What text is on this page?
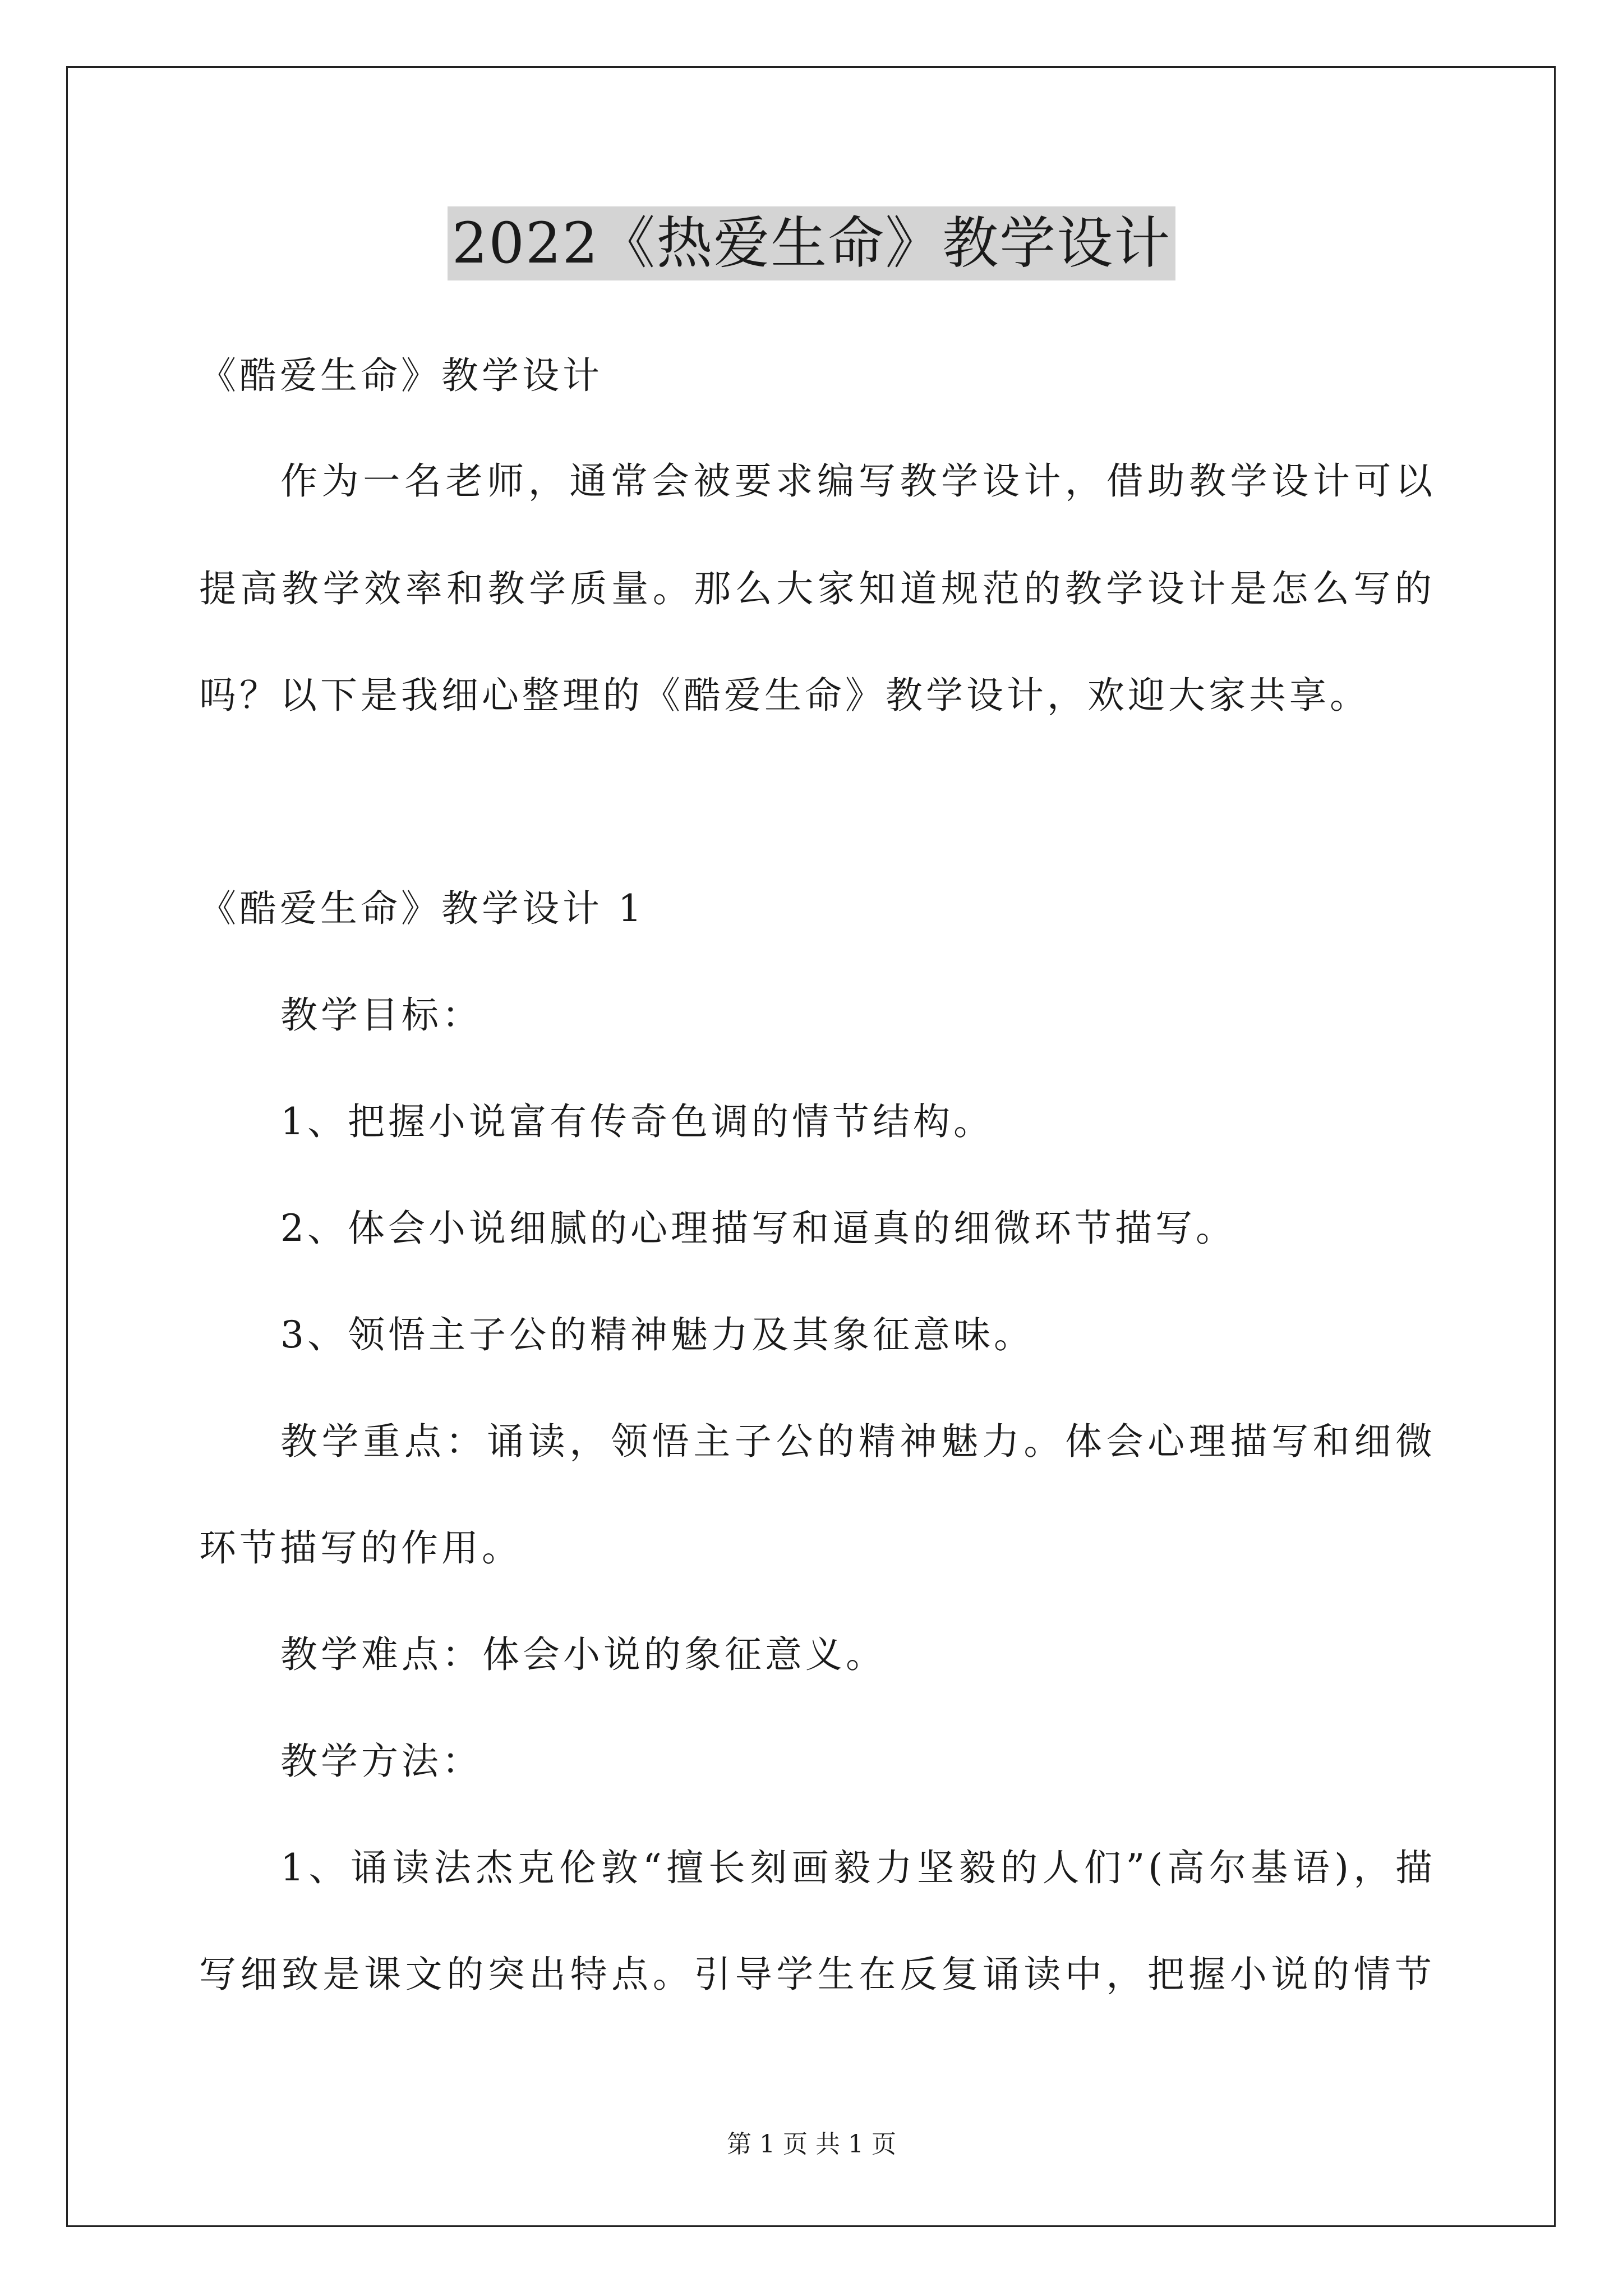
2022《热爱生命》教学设计
《酷爱生命》教学设计
作为一名老师，通常会被要求编写教学设计，借助教学设计可以
提高教学效率和教学质量。那么大家知道规范的教学设计是怎么写的
吗？以下是我细心整理的《酷爱生命》教学设计，欢迎大家共享。
《酷爱生命》教学设计 1
教学目标：
1、把握小说富有传奇色调的情节结构。
2、体会小说细腻的心理描写和逼真的细微环节描写。
3、领悟主子公的精神魅力及其象征意味。
教学重点：诵读，领悟主子公的精神魅力。体会心理描写和细微
环节描写的作用。
教学难点：体会小说的象征意义。
教学方法：
1、诵读法杰克伦敦“擅长刻画毅力坚毅的人们”(高尔基语)，描
写细致是课文的突出特点。引导学生在反复诵读中，把握小说的情节
第 1 页 共 1 页
